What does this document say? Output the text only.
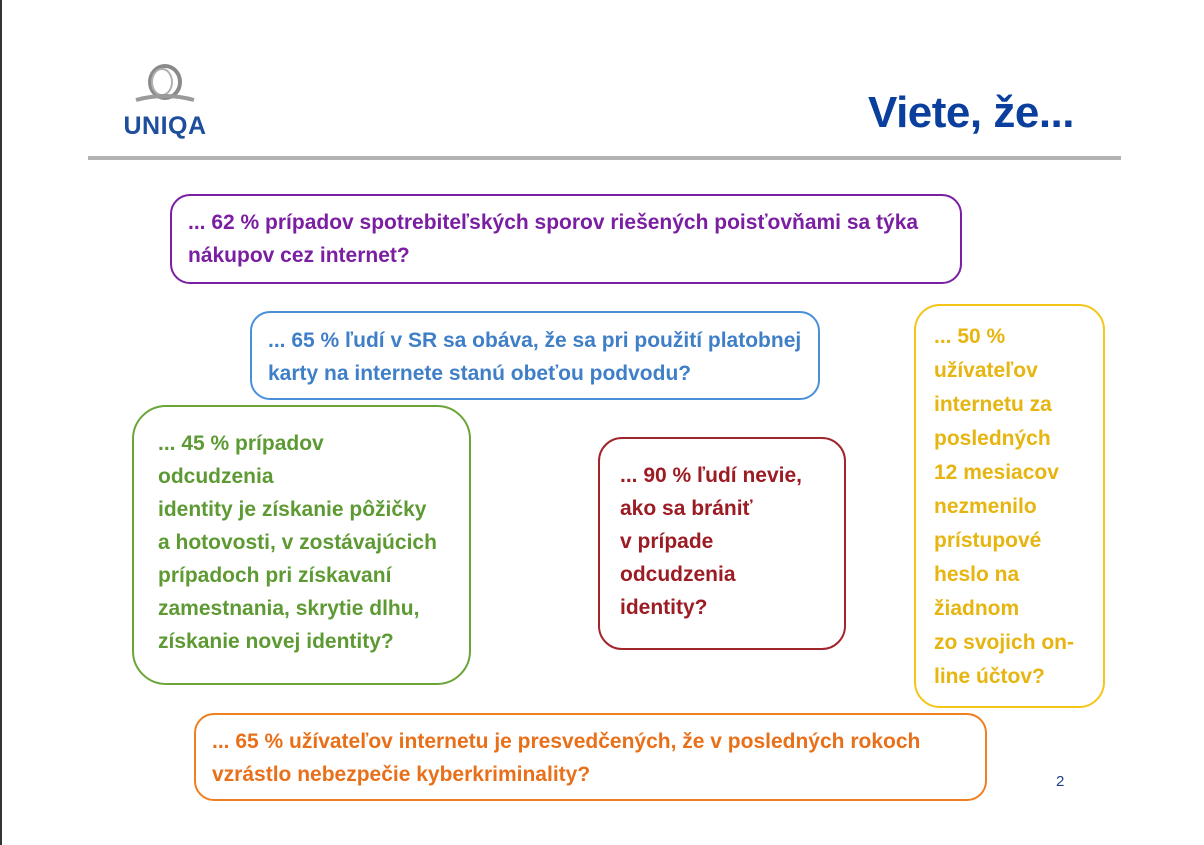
UNIQA	Viete, že...

... 62 % prípadov spotrebiteľských sporov riešených poisťovňami sa týka

nákupov cez internet?

... 65 % ľudí v SR sa obáva, že sa pri použití platobnej

karty na internete stanú obeťou podvodu?

... 45 % prípadov

odcudzenia

identity je získanie pôžičky

a hotovosti, v zostávajúcich

prípadoch pri získavaní

zamestnania, skrytie dlhu,

získanie novej identity?

... 90 % ľudí nevie,

ako sa brániť

v prípade

odcudzenia

identity?

... 50 %

užívateľov

internetu za

posledných

12 mesiacov

nezmenilo

prístupové

heslo na

žiadnom

zo svojich on-

line účtov?

... 65 % užívateľov internetu je presvedčených, že v posledných rokoch

vzrástlo nebezpečie kyberkriminality?	2
